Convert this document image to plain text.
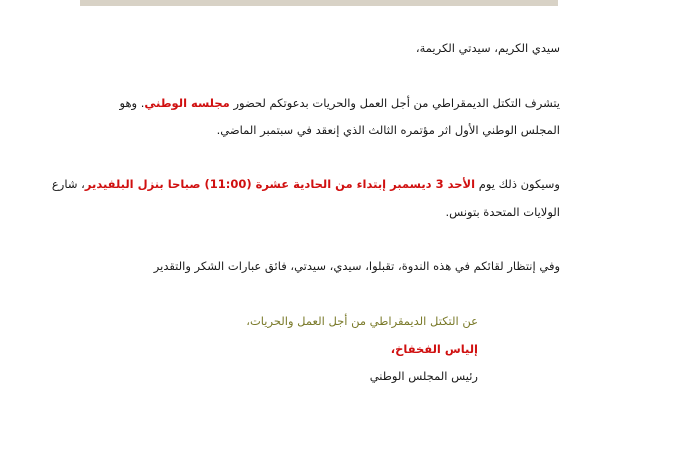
سيدي الكريم، سيدتي الكريمة،
يتشرف التكتل الديمقراطي من أجل العمل والحريات بدعوتكم لحضور مجلسه الوطني. وهو
المجلس الوطني الأول اثر مؤتمره الثالث الذي إنعقد في سبتمبر الماضي.
وسيكون ذلك يوم الأحد 3 ديسمبر إبتداء من الحادية عشرة (11:00) صباحا بنزل البلفيدير، شارع
الولايات المتحدة بتونس.
وفي إنتظار لقائكم في هذه الندوة، تقبلوا، سيدي، سيدتي، فائق عبارات الشكر والتقدير
عن التكتل الديمقراطي من أجل العمل والحريات،
إلياس الفخفاخ،
رئيس المجلس الوطني
